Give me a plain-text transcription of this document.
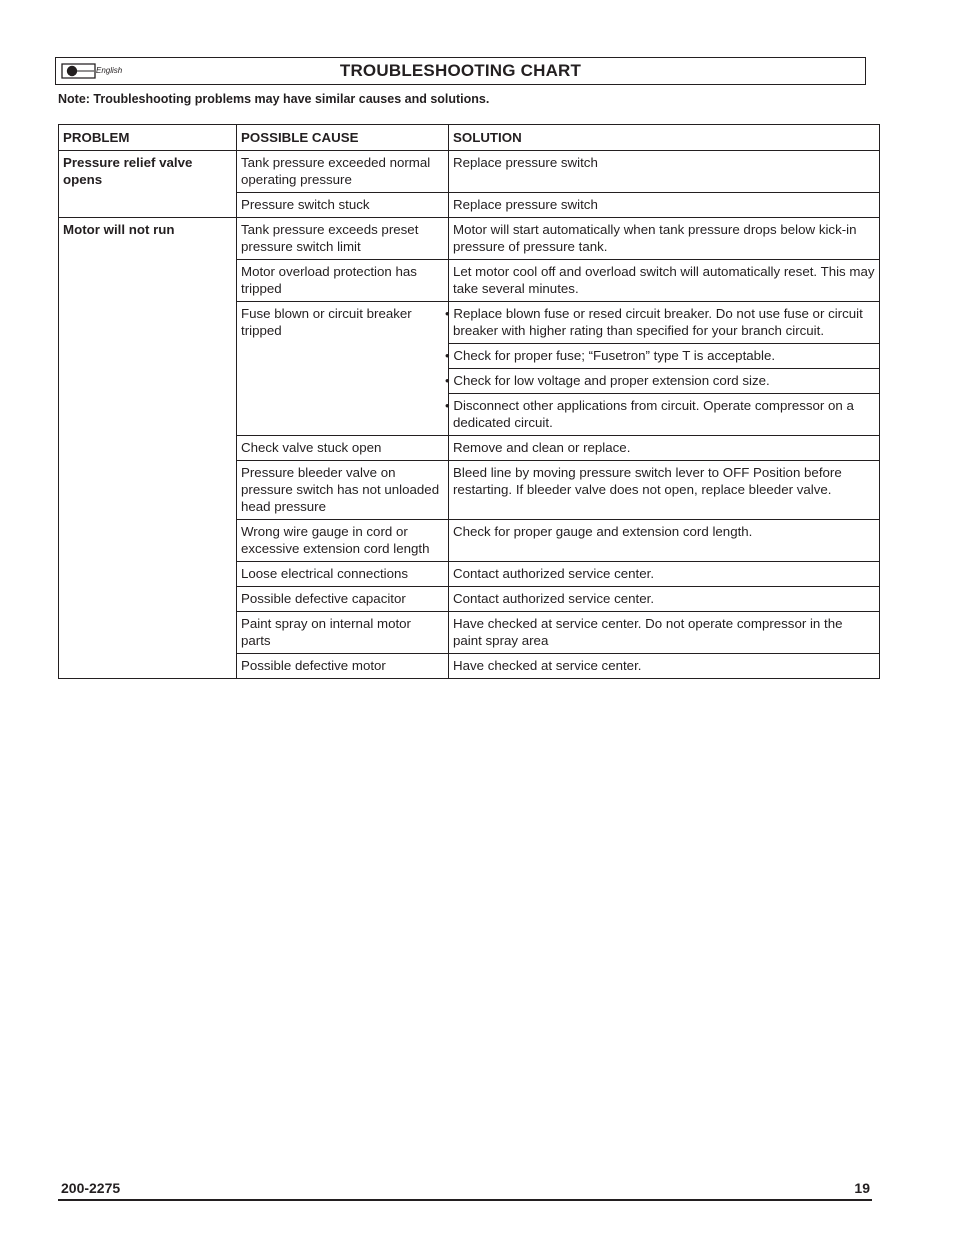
English	TROUBLESHOOTING CHART
Note: Troubleshooting problems may have similar causes and solutions.
PROBLEM	POSSIBLE CAUSE	SOLUTION
Pressure relief valve opens	Tank pressure exceeded normal operating pressure	Replace pressure switch
	Pressure switch stuck	Replace pressure switch
Motor will not run	Tank pressure exceeds preset pressure switch limit	Motor will start automatically when tank pressure drops below kick-in pressure of pressure tank.
	Motor overload protection has tripped	Let motor cool off and overload switch will automatically reset. This may take several minutes.
	Fuse blown or circuit breaker tripped	• Replace blown fuse or resed circuit breaker. Do not use fuse or circuit breaker with higher rating than specified for your branch circuit.
		• Check for proper fuse; “Fusetron” type T is acceptable.
		• Check for low voltage and proper extension cord size.
		• Disconnect other applications from circuit. Operate compressor on a dedicated circuit.
	Check valve stuck open	Remove and clean or replace.
	Pressure bleeder valve on pressure switch has not unloaded head pressure	Bleed line by moving pressure switch lever to OFF Position before restarting. If bleeder valve does not open, replace bleeder valve.
	Wrong wire gauge in cord or excessive extension cord length	Check for proper gauge and extension cord length.
	Loose electrical connections	Contact authorized service center.
	Possible defective capacitor	Contact authorized service center.
	Paint spray on internal motor parts	Have checked at service center. Do not operate compressor in the paint spray area
	Possible defective motor	Have checked at service center.
200-2275	19
